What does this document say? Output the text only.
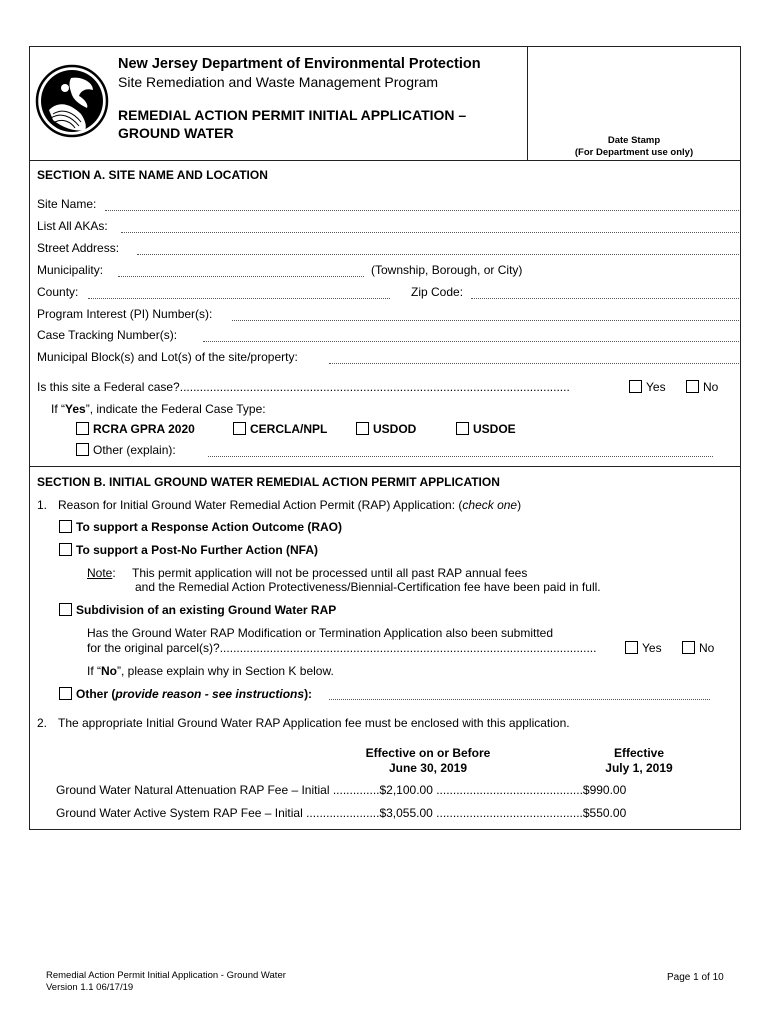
New Jersey Department of Environmental Protection
Site Remediation and Waste Management Program
REMEDIAL ACTION PERMIT INITIAL APPLICATION –
GROUND WATER	Date Stamp
(For Department use only)
SECTION A. SITE NAME AND LOCATION
Site Name:
List All AKAs:
Street Address:
Municipality:	(Township, Borough, or City)
County:	Zip Code:
Program Interest (PI) Number(s):
Case Tracking Number(s):
Municipal Block(s) and Lot(s) of the site/property:
Is this site a Federal case?.....................................................................................................................	Yes	No
If “Yes”, indicate the Federal Case Type:
RCRA GPRA 2020	CERCLA/NPL	USDOD	USDOE
Other (explain):
SECTION B. INITIAL GROUND WATER REMEDIAL ACTION PERMIT APPLICATION
1. Reason for Initial Ground Water Remedial Action Permit (RAP) Application: (check one)
To support a Response Action Outcome (RAO)
To support a Post-No Further Action (NFA)
Note: This permit application will not be processed until all past RAP annual fees
and the Remedial Action Protectiveness/Biennial-Certification fee have been paid in full.
Subdivision of an existing Ground Water RAP
Has the Ground Water RAP Modification or Termination Application also been submitted
for the original parcel(s)?.................................................................................................................	Yes	No
If “No”, please explain why in Section K below.
Other (provide reason - see instructions):
2. The appropriate Initial Ground Water RAP Application fee must be enclosed with this application.
Effective on or Before
June 30, 2019
Effective
July 1, 2019
Ground Water Natural Attenuation RAP Fee – Initial ..............$2,100.00 ............................................$990.00
Ground Water Active System RAP Fee – Initial ......................$3,055.00 ............................................$550.00
Remedial Action Permit Initial Application - Ground Water
Version 1.1 06/17/19
Page 1 of 10
